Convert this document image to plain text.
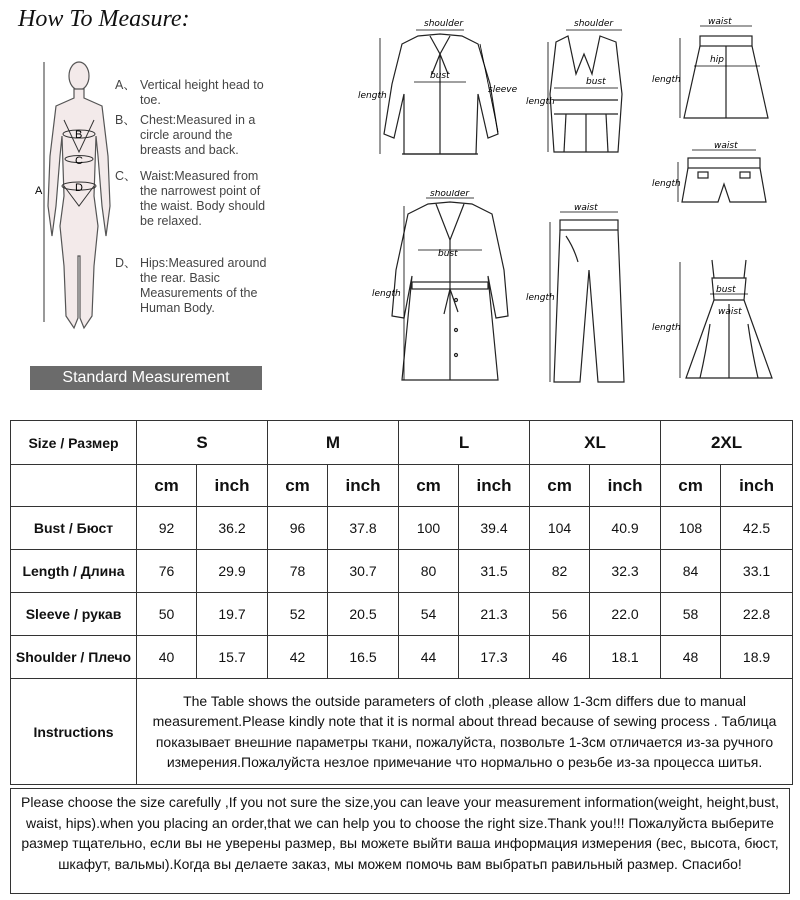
How To Measure:
A
B
C
D
A、 Vertical height head to toe.
B、 Chest:Measured in a circle around the breasts and back.
C、 Waist:Measured from the narrowest point of the waist. Body should be relaxed.
D、 Hips:Measured around the rear. Basic Measurements of the Human Body.
Standard Measurement
shoulder
bust
length
sleeve
shoulder
bust
length
waist
hip
length
waist
length
shoulder
bust
length
waist
length
bust
waist
length
Size / Размер	S		M		L		XL		2XL	
	cm	inch	cm	inch	cm	inch	cm	inch	cm	inch
Bust / Бюст	92	36.2	96	37.8	100	39.4	104	40.9	108	42.5
Length / Длина	76	29.9	78	30.7	80	31.5	82	32.3	84	33.1
Sleeve / рукав	50	19.7	52	20.5	54	21.3	56	22.0	58	22.8
Shoulder / Плечо	40	15.7	42	16.5	44	17.3	46	18.1	48	18.9
Instructions	The Table shows the outside parameters of cloth ,please allow 1-3cm differs due to manual measurement.Please kindly note that it is normal about thread because of sewing process . Таблица показывает внешние параметры ткани, пожалуйста, позвольте 1-3см отличается из-за ручного измерения.Пожалуйста незлое примечание что нормально о резьбе из-за процесса шитья.									
Please choose the size carefully ,If you not sure the size,you can leave your measurement information(weight, height,bust, waist, hips).when you placing an order,that we can help you to choose the right size.Thank you!!! Пожалуйста выберите размер тщательно, если вы не уверены размер, вы можете выйти ваша информация измерения (вес, высота, бюст, шкафут, вальмы).Когда вы делаете заказ, мы можем помочь вам выбратьп равильный размер. Спасибо!
